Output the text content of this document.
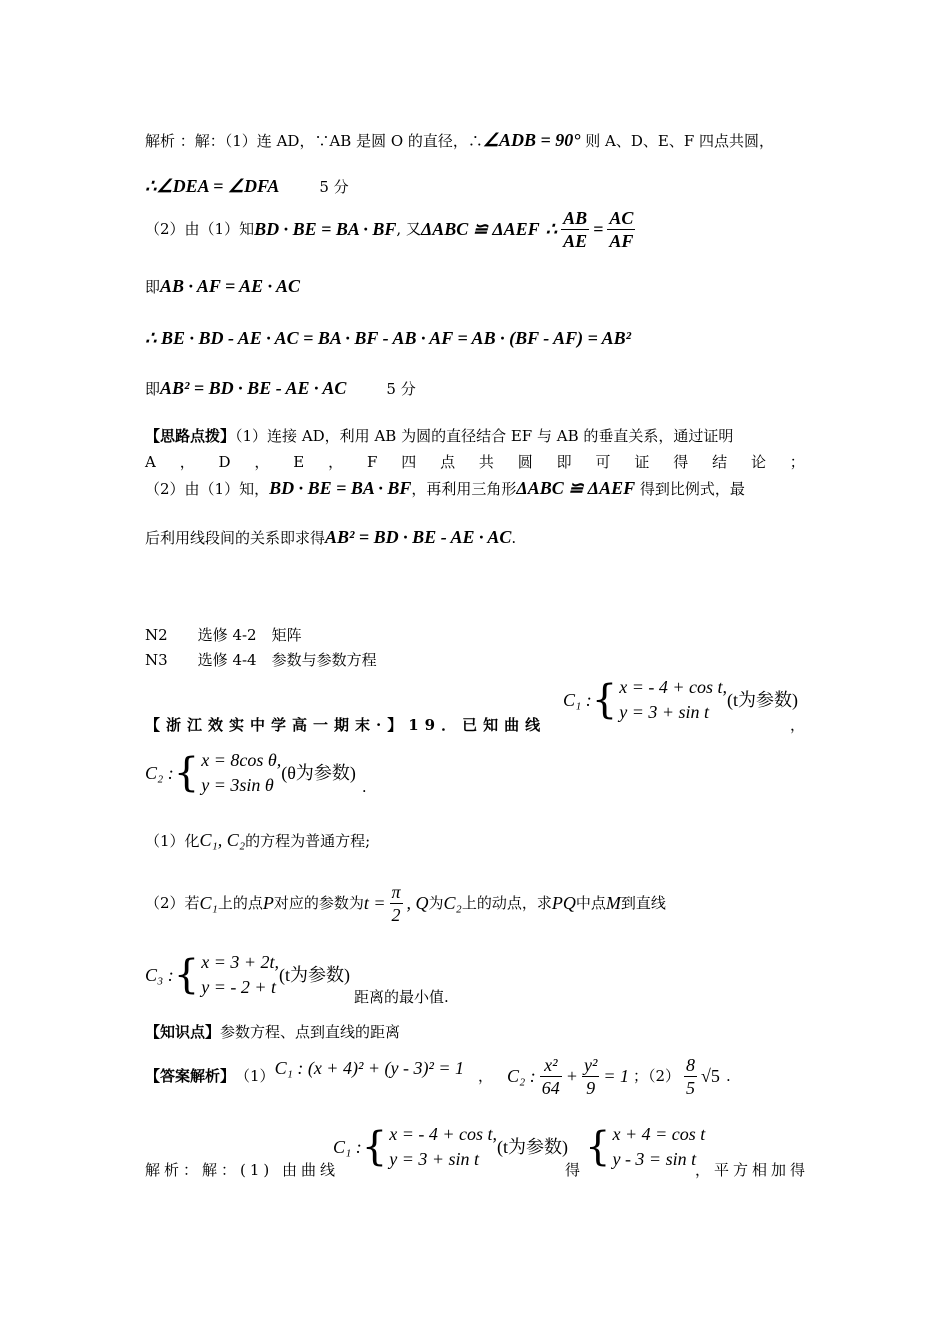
解析 ：解：（1）连 AD，∵AB 是圆 O 的直径，∴∠ADB = 90° 则 A、D、E、F 四点共圆，
∴∠DEA = ∠DFA	5 分
（2）由（1）知 BD · BE = BA · BF , 又 ΔABC ≌ ΔAEF ∴ $\frac{AB}{AE} = \frac{AC}{AF}$
即AB · AF = AE · AC
∴ BE · BD - AE · AC = BA · BF - AB · AF = AB · (BF - AF) = AB²
即AB² = BD · BE - AE · AC	5 分
【思路点拨】（1）连接 AD，利用 AB 为圆的直径结合 EF 与 AB 的垂直关系，通过证明
A ， D ， E ， F 四 点 共 圆 即 可 证 得 结 论 ；
（2）由（1）知，BD · BE = BA · BF，再利用三角形ΔABC ≌ ΔAEF 得到比例式，最
后利用线段间的关系即求得AB² = BD · BE - AE · AC.
N2 选修 4-2　矩阵
N3 选修 4-4　参数与参数方程
【浙江效实中学高一期末·】19．已知曲线
C₁ : { x = - 4 + cos t,
y = 3 + sin t
(t为参数)
，
C₂ : { x = 8cos θ,
y = 3sin θ
(θ为参数)
.
（1）化C₁, C₂的方程为普通方程;
（2）若 C₁ 上的点 P 对应的参数为 $t = \frac{\pi}{2}$ , Q 为 C₂ 上的动点，求 PQ 中点 M 到直线
C₃ : { x = 3 + 2t,
y = - 2 + t
(t为参数)
距离的最小值.
【知识点】参数方程、点到直线的距离
【答案解析】 （1） C₁ : (x + 4)² + (y - 3)² = 1 ， C₂ : $\frac{\text{x²}}{64} + \frac{\text{y²}}{9} = 1$ ；$(2) \frac{8}{5} √5$ .
解析：解：(1) 由曲线
C₁ : { x = - 4 + cos t,
y = 3 + sin t
(t为参数)
得 { x + 4 = cos t
y - 3 = sin t
，平方相加得
